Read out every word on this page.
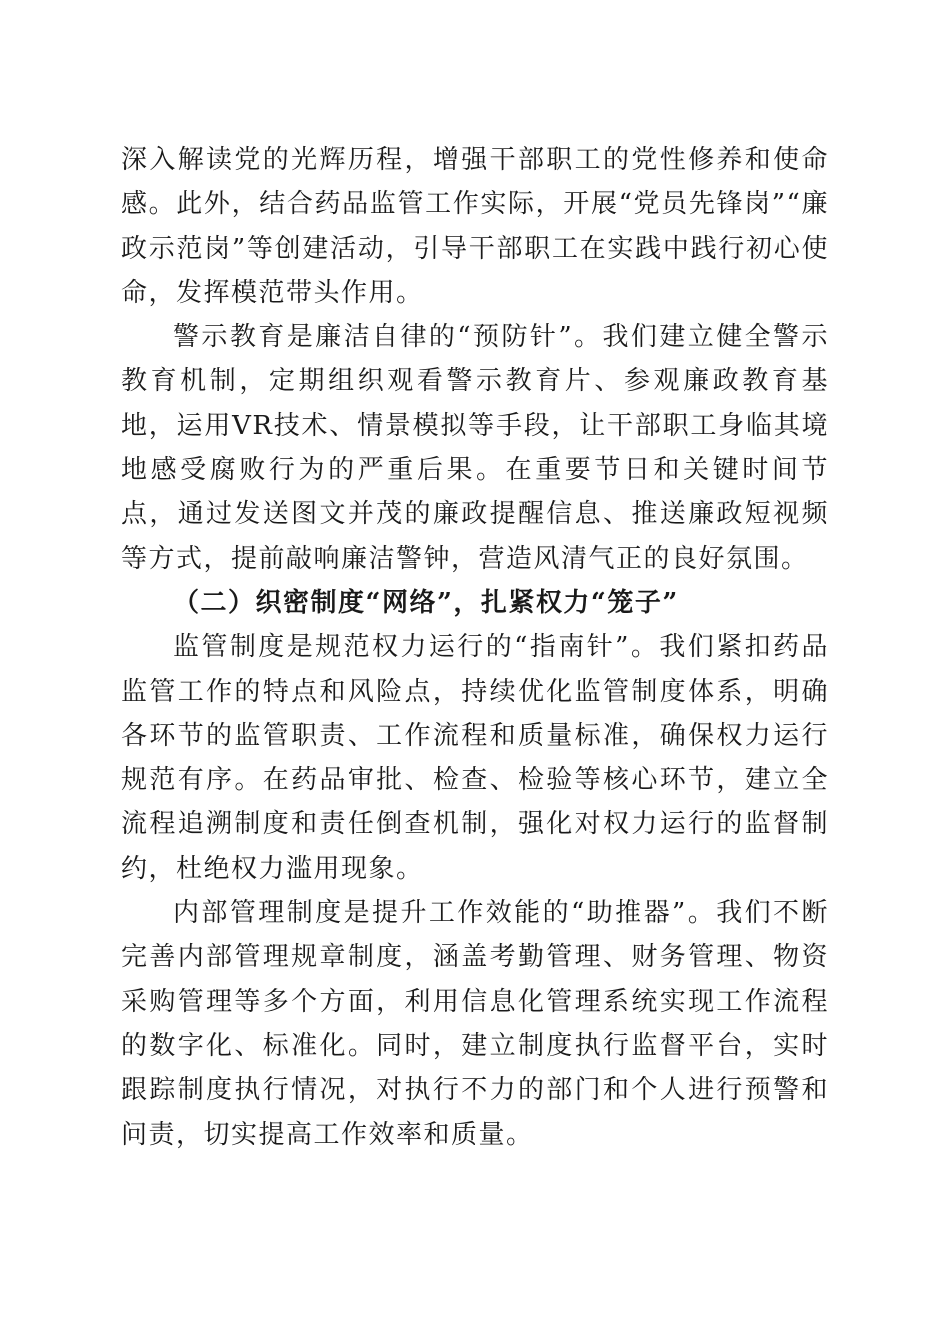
深入解读党的光辉历程，增强干部职工的党性修养和使命感。此外，结合药品监管工作实际，开展“党员先锋岗”“廉政示范岗”等创建活动，引导干部职工在实践中践行初心使命，发挥模范带头作用。

警示教育是廉洁自律的“预防针”。我们建立健全警示教育机制，定期组织观看警示教育片、参观廉政教育基地，运用VR技术、情景模拟等手段，让干部职工身临其境地感受腐败行为的严重后果。在重要节日和关键时间节点，通过发送图文并茂的廉政提醒信息、推送廉政短视频等方式，提前敲响廉洁警钟，营造风清气正的良好氛围。

（二）织密制度“网络”，扎紧权力“笼子”

监管制度是规范权力运行的“指南针”。我们紧扣药品监管工作的特点和风险点，持续优化监管制度体系，明确各环节的监管职责、工作流程和质量标准，确保权力运行规范有序。在药品审批、检查、检验等核心环节，建立全流程追溯制度和责任倒查机制，强化对权力运行的监督制约，杜绝权力滥用现象。

内部管理制度是提升工作效能的“助推器”。我们不断完善内部管理规章制度，涵盖考勤管理、财务管理、物资采购管理等多个方面，利用信息化管理系统实现工作流程的数字化、标准化。同时，建立制度执行监督平台，实时跟踪制度执行情况，对执行不力的部门和个人进行预警和问责，切实提高工作效率和质量。
